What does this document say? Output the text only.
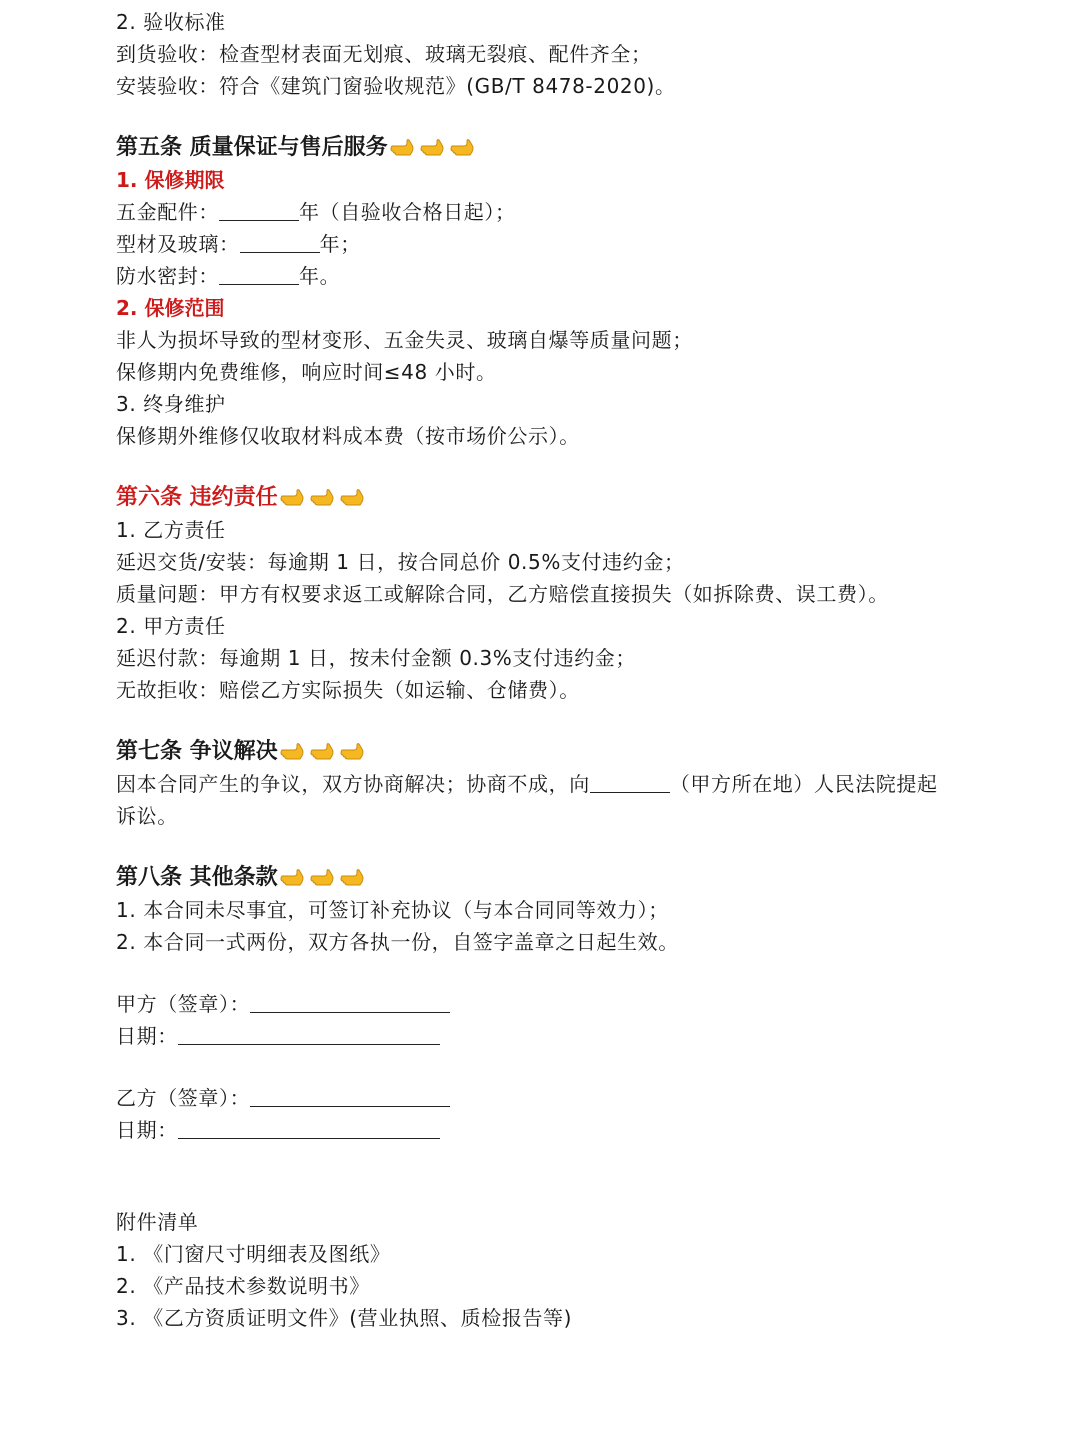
2. 验收标准
到货验收：检查型材表面无划痕、玻璃无裂痕、配件齐全；
安装验收：符合《建筑门窗验收规范》(GB/T 8478-2020)。
第五条 质量保证与售后服务
1. 保修期限
五金配件：	年（自验收合格日起）；
型材及玻璃：	年；
防水密封：	年。
2. 保修范围
非人为损坏导致的型材变形、五金失灵、玻璃自爆等质量问题；
保修期内免费维修，响应时间≤48 小时。
3. 终身维护
保修期外维修仅收取材料成本费（按市场价公示）。
第六条 违约责任
1. 乙方责任
延迟交货/安装：每逾期 1 日，按合同总价 0.5%支付违约金；
质量问题：甲方有权要求返工或解除合同，乙方赔偿直接损失（如拆除费、误工费）。
2. 甲方责任
延迟付款：每逾期 1 日，按未付金额 0.3%支付违约金；
无故拒收：赔偿乙方实际损失（如运输、仓储费）。
第七条 争议解决
因本合同产生的争议，双方协商解决；协商不成，向	（甲方所在地）人民法院提起
诉讼。
第八条 其他条款
1. 本合同未尽事宜，可签订补充协议（与本合同同等效力）；
2. 本合同一式两份，双方各执一份，自签字盖章之日起生效。
甲方（签章）：
日期：
乙方（签章）：
日期：
附件清单
1. 《门窗尺寸明细表及图纸》
2. 《产品技术参数说明书》
3. 《乙方资质证明文件》(营业执照、质检报告等)
